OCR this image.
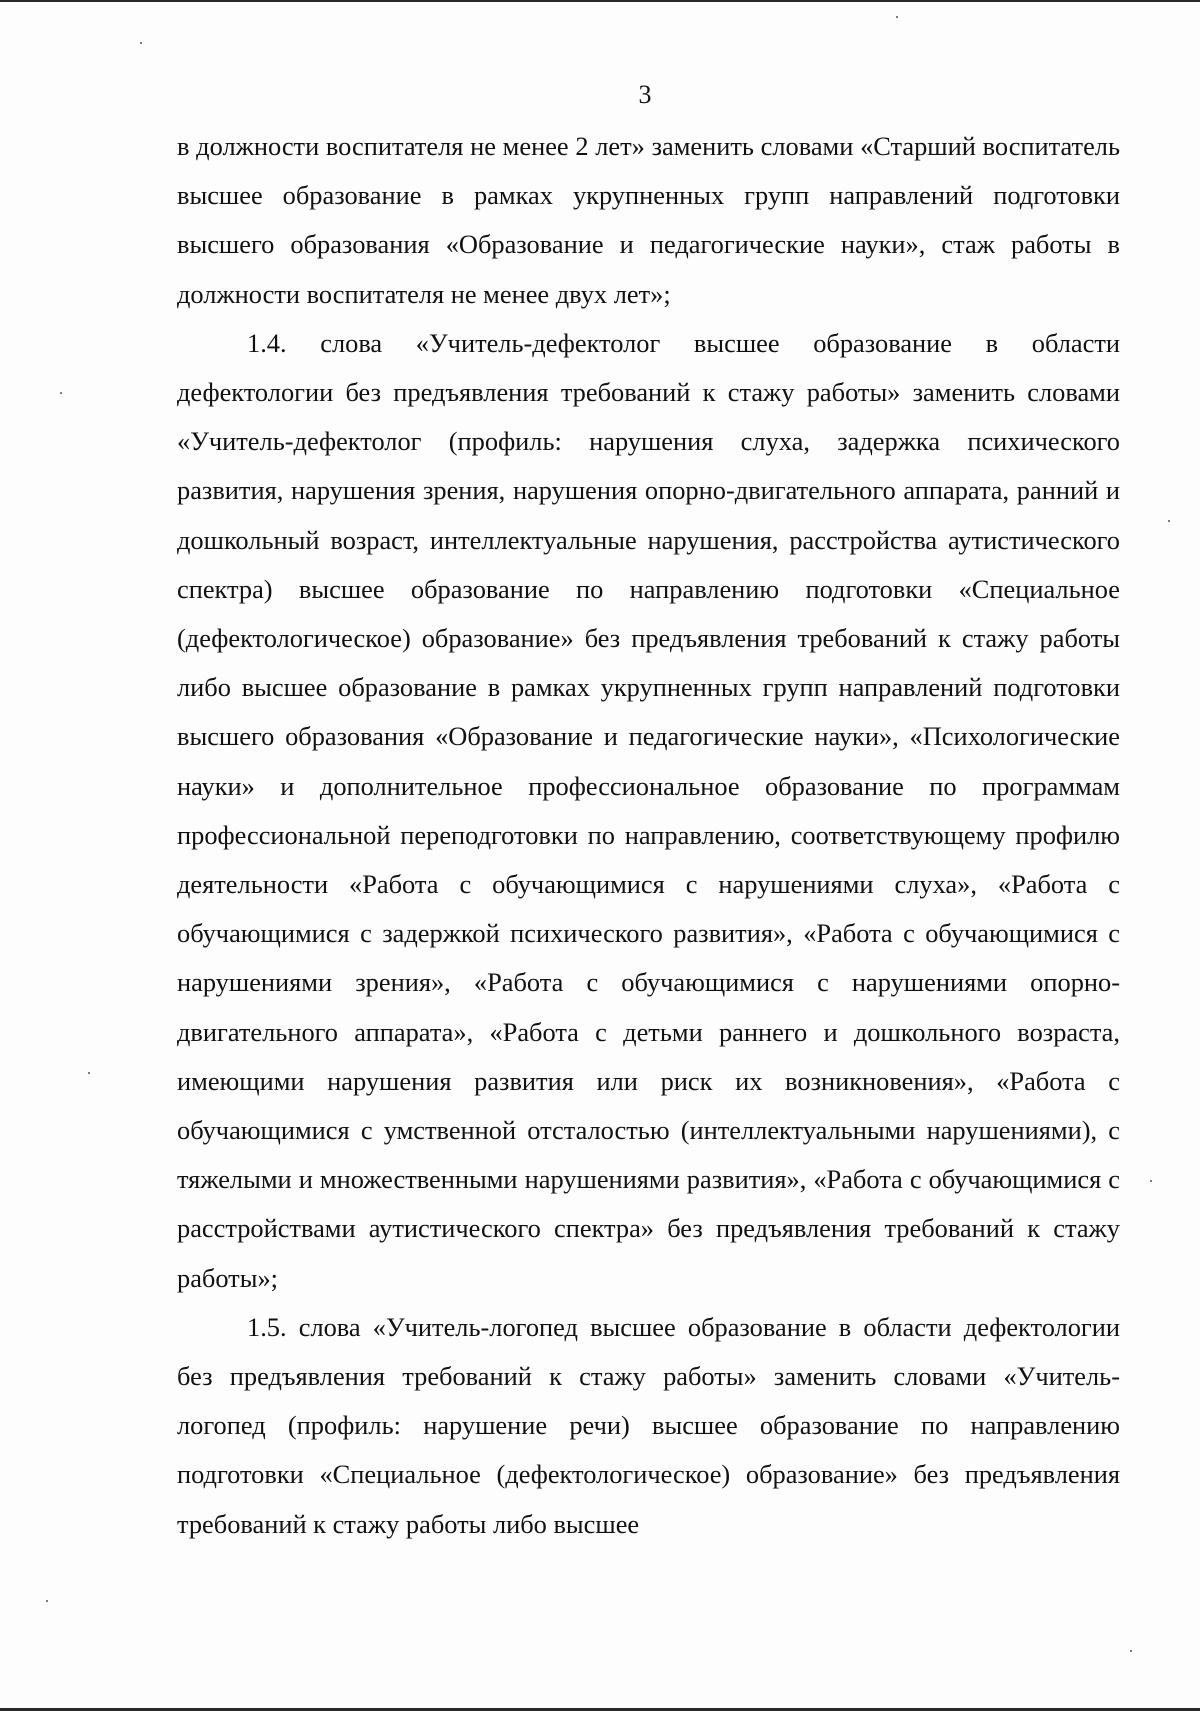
3

в должности воспитателя не менее 2 лет» заменить словами «Старший воспитатель высшее образование в рамках укрупненных групп направлений подготовки высшего образования «Образование и педагогические науки», стаж работы в должности воспитателя не менее двух лет»;

1.4. слова «Учитель-дефектолог высшее образование в области дефектологии без предъявления требований к стажу работы» заменить словами «Учитель-дефектолог (профиль: нарушения слуха, задержка психического развития, нарушения зрения, нарушения опорно-двигательного аппарата, ранний и дошкольный возраст, интеллектуальные нарушения, расстройства аутистического спектра) высшее образование по направлению подготовки «Специальное (дефектологическое) образование» без предъявления требований к стажу работы либо высшее образование в рамках укрупненных групп направлений подготовки высшего образования «Образование и педагогические науки», «Психологические науки» и дополнительное профессиональное образование по программам профессиональной переподготовки по направлению, соответствующему профилю деятельности «Работа с обучающимися с нарушениями слуха», «Работа с обучающимися с задержкой психического развития», «Работа с обучающимися с нарушениями зрения», «Работа с обучающимися с нарушениями опорно-двигательного аппарата», «Работа с детьми раннего и дошкольного возраста, имеющими нарушения развития или риск их возникновения», «Работа с обучающимися с умственной отсталостью (интеллектуальными нарушениями), с тяжелыми и множественными нарушениями развития», «Работа с обучающимися с расстройствами аутистического спектра» без предъявления требований к стажу работы»;

1.5. слова «Учитель-логопед высшее образование в области дефектологии без предъявления требований к стажу работы» заменить словами «Учитель-логопед (профиль: нарушение речи) высшее образование по направлению подготовки «Специальное (дефектологическое) образование» без предъявления требований к стажу работы либо высшее
